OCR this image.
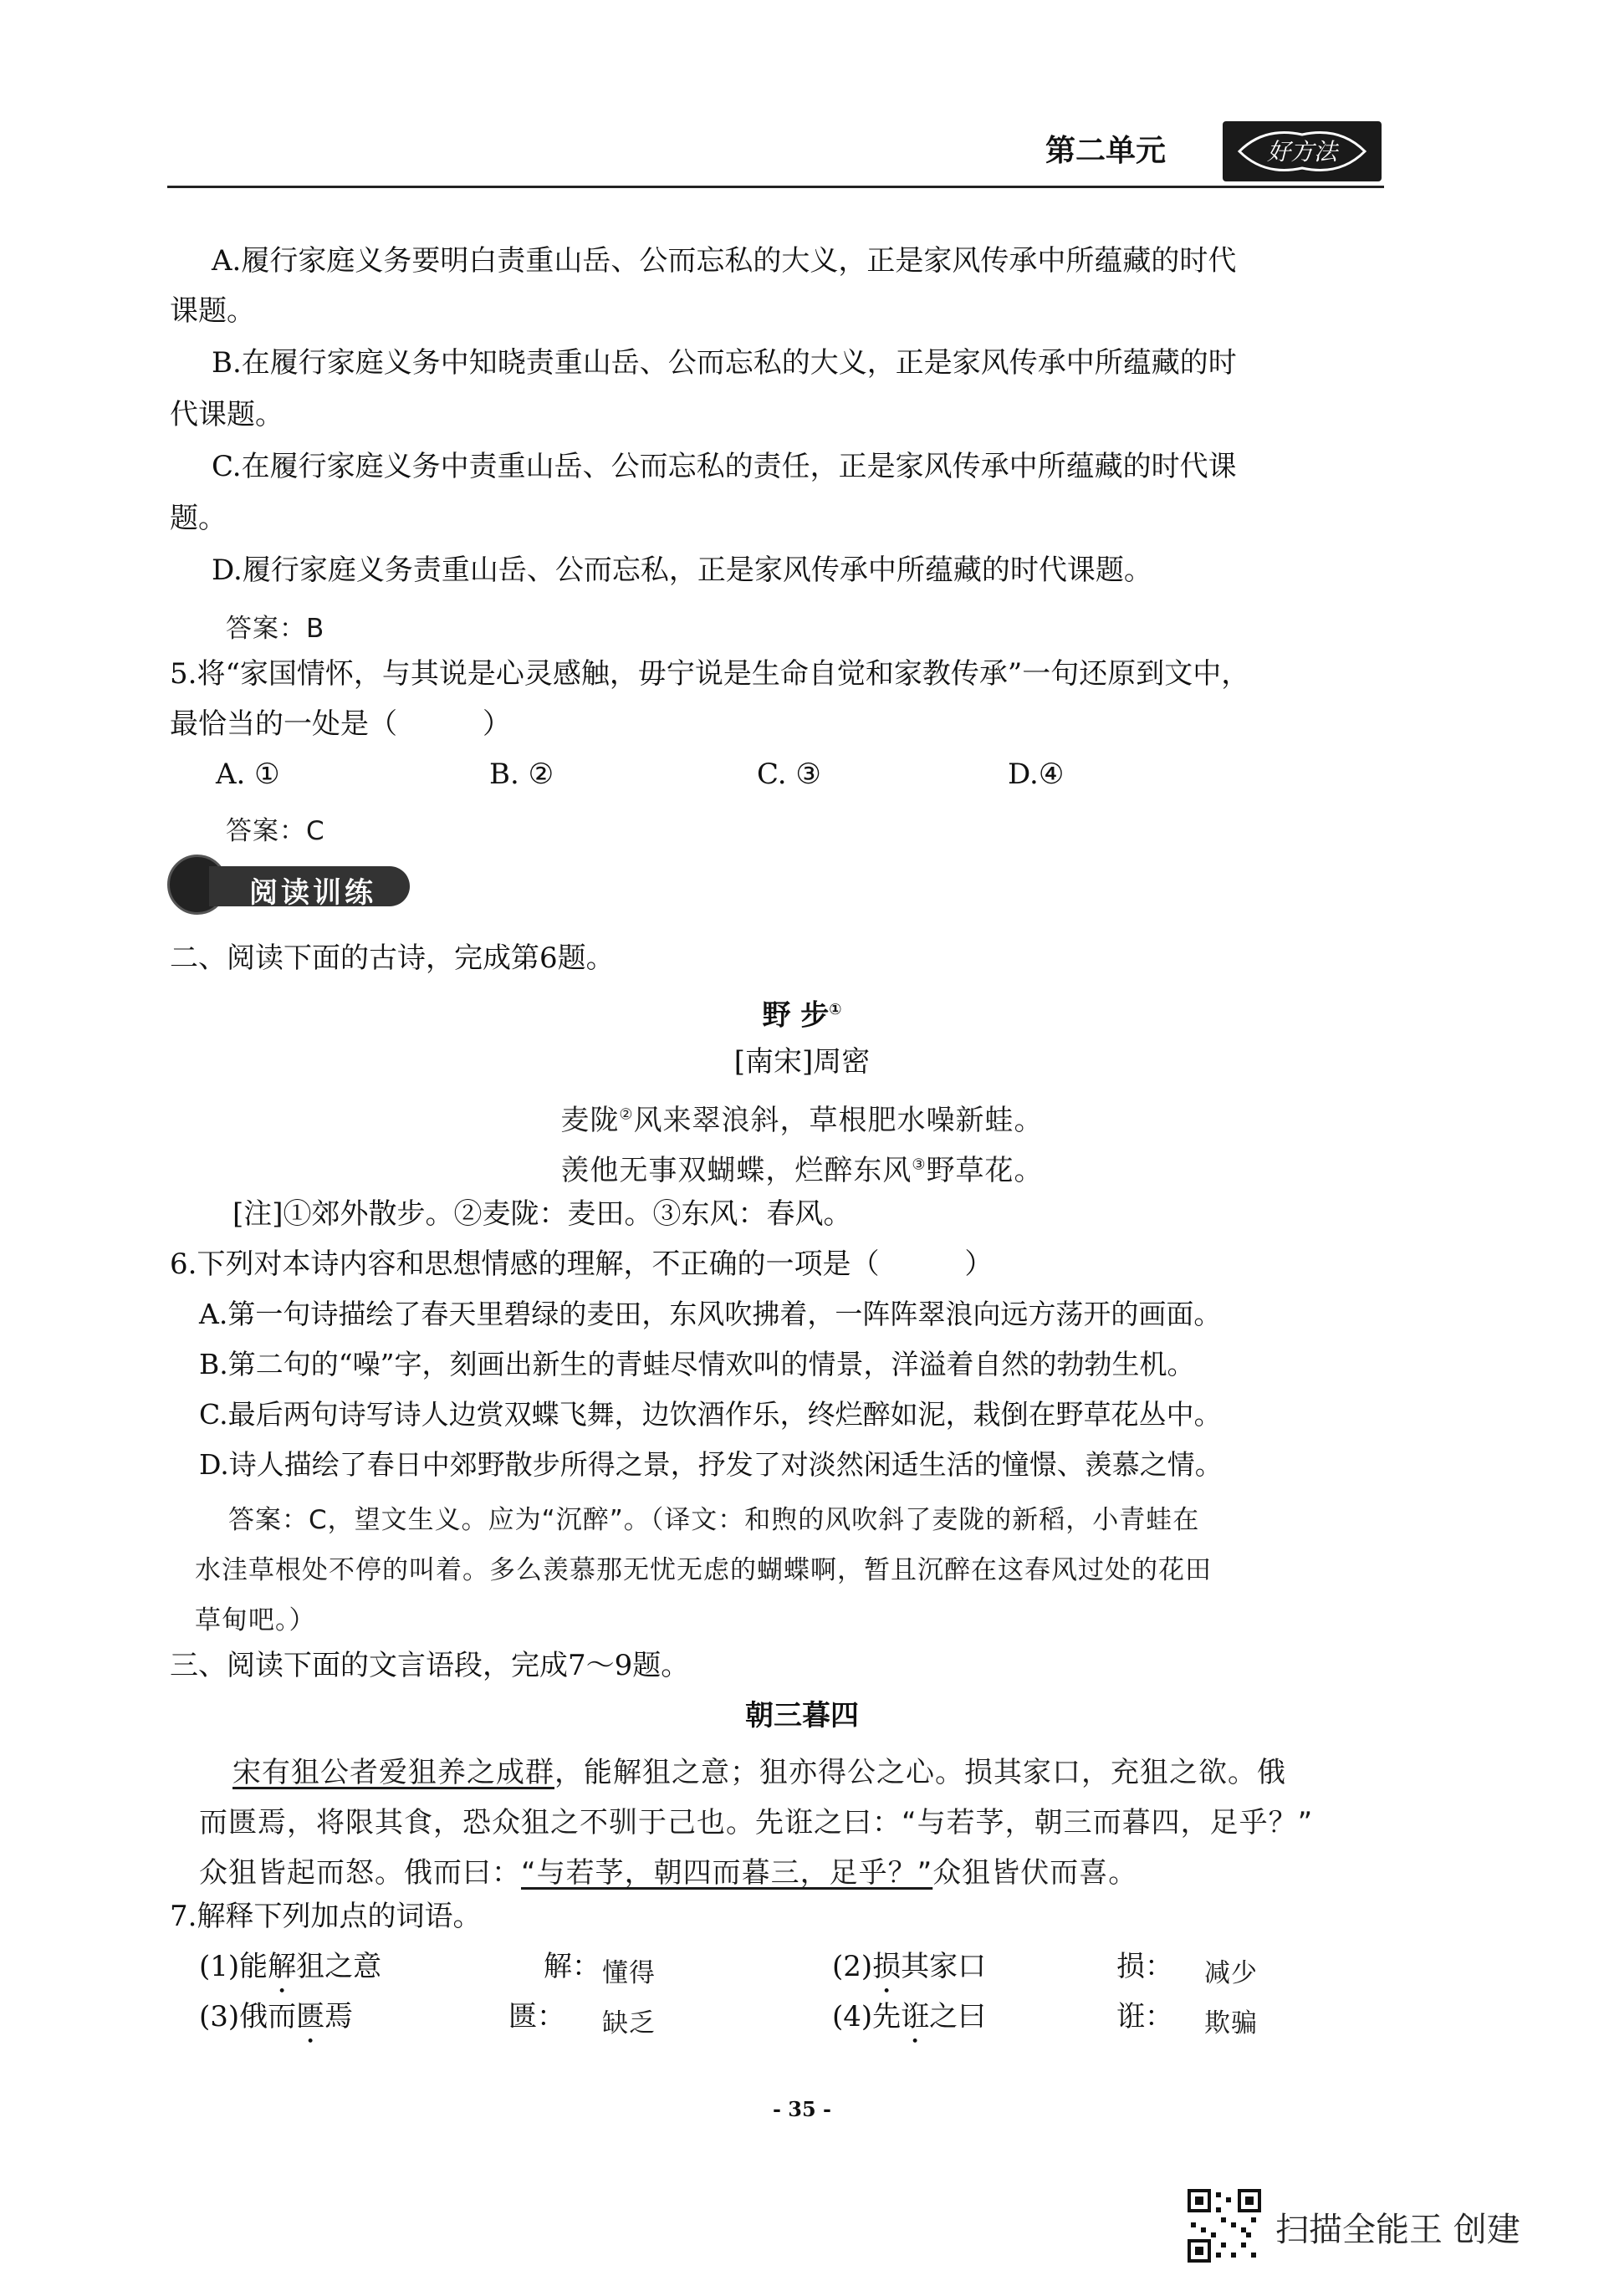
第二单元	好方法
A.履行家庭义务要明白责重山岳、公而忘私的大义，正是家风传承中所蕴藏的时代
课题。
B.在履行家庭义务中知晓责重山岳、公而忘私的大义，正是家风传承中所蕴藏的时
代课题。
C.在履行家庭义务中责重山岳、公而忘私的责任，正是家风传承中所蕴藏的时代课
题。
D.履行家庭义务责重山岳、公而忘私，正是家风传承中所蕴藏的时代课题。
答案：B
5.将“家国情怀，与其说是心灵感触，毋宁说是生命自觉和家教传承”一句还原到文中，
最恰当的一处是（　　　）
A. ①	B. ②	C. ③	D.④
答案：C
阅读训练
二、阅读下面的古诗，完成第6题。
野 步①
[南宋]周密
麦陇②风来翠浪斜，草根肥水噪新蛙。
羡他无事双蝴蝶，烂醉东风③野草花。
[注]①郊外散步。②麦陇：麦田。③东风：春风。
6.下列对本诗内容和思想情感的理解，不正确的一项是（　　　）
A.第一句诗描绘了春天里碧绿的麦田，东风吹拂着，一阵阵翠浪向远方荡开的画面。
B.第二句的“噪”字，刻画出新生的青蛙尽情欢叫的情景，洋溢着自然的勃勃生机。
C.最后两句诗写诗人边赏双蝶飞舞，边饮酒作乐，终烂醉如泥，栽倒在野草花丛中。
D.诗人描绘了春日中郊野散步所得之景，抒发了对淡然闲适生活的憧憬、羡慕之情。
答案：C，望文生义。应为“沉醉”。（译文：和煦的风吹斜了麦陇的新稻，小青蛙在
水洼草根处不停的叫着。多么羡慕那无忧无虑的蝴蝶啊，暂且沉醉在这春风过处的花田
草甸吧。）
三、阅读下面的文言语段，完成7～9题。
朝三暮四
宋有狙公者爱狙养之成群，能解狙之意；狙亦得公之心。损其家口，充狙之欲。俄
而匮焉，将限其食，恐众狙之不驯于己也。先诳之曰：“与若芧，朝三而暮四，足乎？”
众狙皆起而怒。俄而曰：“与若芧，朝四而暮三，足乎？”众狙皆伏而喜。
7.解释下列加点的词语。
(1)能解狙之意	解： 懂得	(2)损其家口	损： 减少
(3)俄而匮焉	匮： 缺乏	(4)先诳之曰	诳： 欺骗
- 35 -
扫描全能王 创建
